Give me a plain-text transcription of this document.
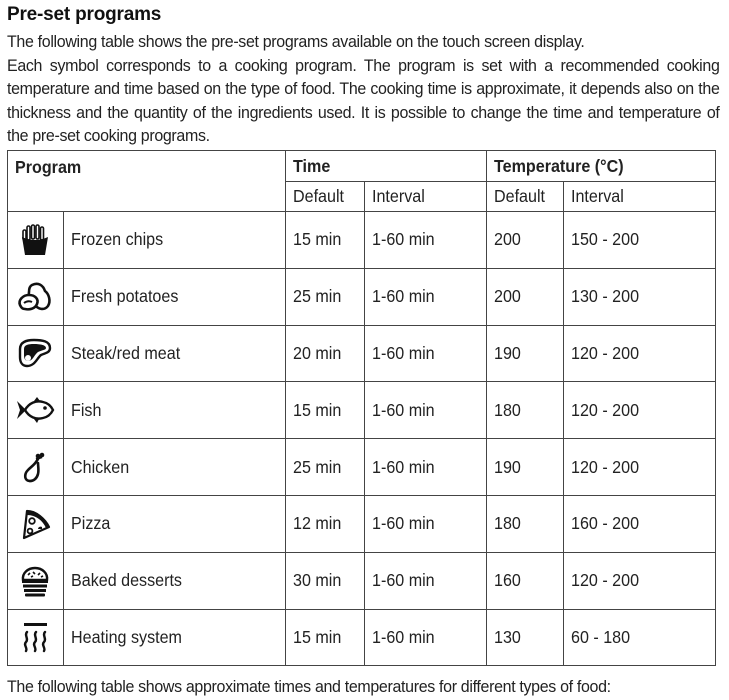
Pre-set programs

The following table shows the pre-set programs available on the touch screen display.

Each symbol corresponds to a cooking program. The program is set with a recommended cooking temperature and time based on the type of food. The cooking time is approximate, it depends also on the thickness and the quantity of the ingredients used. It is possible to change the time and temperature of the pre-set cooking programs.

Program		Time		Temperature (°C)	
		Default	Interval	Default	Interval

	Frozen chips	15 min	1-60 min	200	150 - 200

	Fresh potatoes	25 min	1-60 min	200	130 - 200

	Steak/red meat	20 min	1-60 min	190	120 - 200

	Fish	15 min	1-60 min	180	120 - 200

	Chicken	25 min	1-60 min	190	120 - 200

	Pizza	12 min	1-60 min	180	160 - 200

	Baked desserts	30 min	1-60 min	160	120 - 200

	Heating system	15 min	1-60 min	130	60 - 180
The following table shows approximate times and temperatures for different types of food:
